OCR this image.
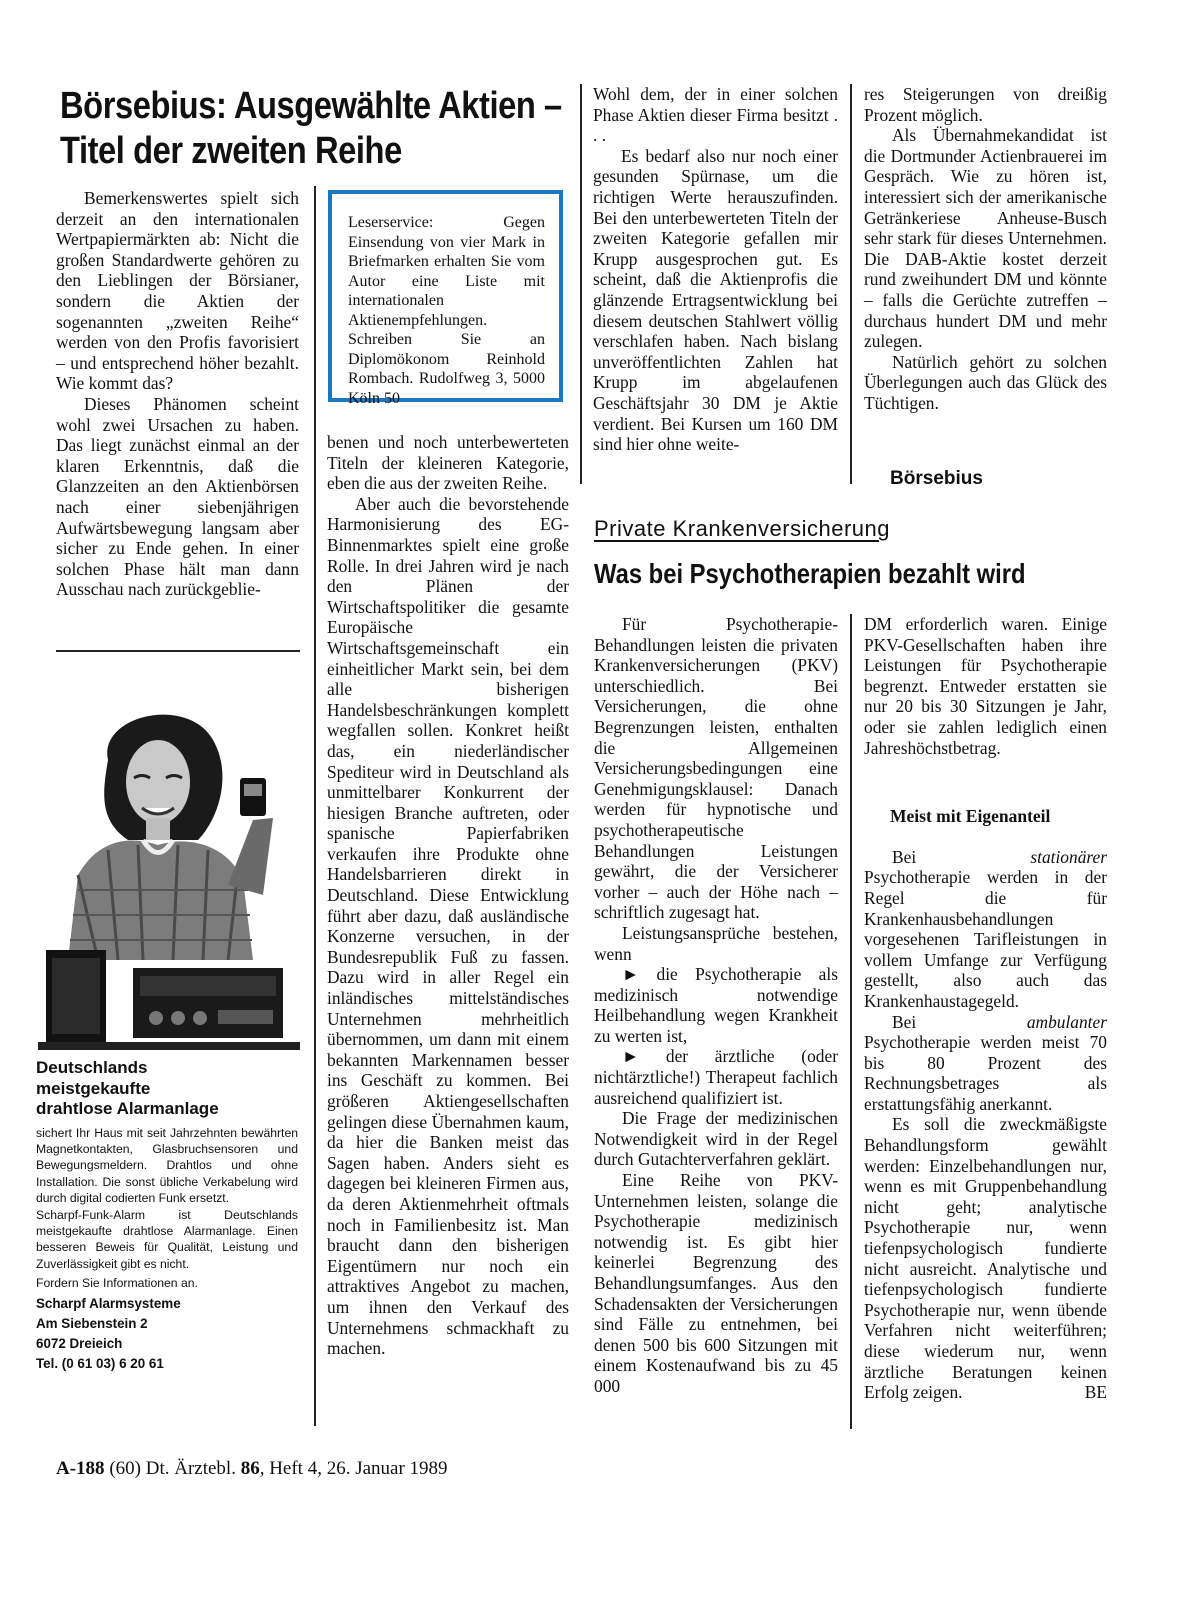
Börsebius: Ausgewählte Aktien –
Titel der zweiten Reihe

Bemerkenswertes spielt sich derzeit an den internationalen Wertpapiermärkten ab: Nicht die großen Standardwerte gehören zu den Lieblingen der Börsianer, sondern die Aktien der sogenannten „zweiten Reihe“ werden von den Profis favorisiert – und entsprechend höher bezahlt. Wie kommt das?

Dieses Phänomen scheint wohl zwei Ursachen zu haben. Das liegt zunächst einmal an der klaren Erkenntnis, daß die Glanzzeiten an den Aktienbörsen nach einer siebenjährigen Aufwärtsbewegung langsam aber sicher zu Ende gehen. In einer solchen Phase hält man dann Ausschau nach zurückgeblie-

Deutschlands
meistgekaufte
drahtlose Alarmanlage

sichert Ihr Haus mit seit Jahrzehnten bewährten Magnetkontakten, Glasbruchsensoren und Bewegungsmeldern. Drahtlos und ohne Installation. Die sonst übliche Verkabelung wird durch digital codierten Funk ersetzt.

Scharpf-Funk-Alarm ist Deutschlands meistgekaufte drahtlose Alarmanlage. Einen besseren Beweis für Qualität, Leistung und Zuverlässigkeit gibt es nicht.

Fordern Sie Informationen an.

Scharpf Alarmsysteme
Am Siebenstein 2
6072 Dreieich
Tel. (0 61 03) 6 20 61
Leserservice: Gegen Einsendung von vier Mark in Briefmarken erhalten Sie vom Autor eine Liste mit internationalen Aktienempfehlungen. Schreiben Sie an Diplomökonom Reinhold Rombach. Rudolfweg 3, 5000 Köln 50

benen und noch unterbewerteten Titeln der kleineren Kategorie, eben die aus der zweiten Reihe.

Aber auch die bevorstehende Harmonisierung des EG-Binnenmarktes spielt eine große Rolle. In drei Jahren wird je nach den Plänen der Wirtschaftspolitiker die gesamte Europäische Wirtschaftsgemeinschaft ein einheitlicher Markt sein, bei dem alle bisherigen Handelsbeschränkungen komplett wegfallen sollen. Konkret heißt das, ein niederländischer Spediteur wird in Deutschland als unmittelbarer Konkurrent der hiesigen Branche auftreten, oder spanische Papierfabriken verkaufen ihre Produkte ohne Handelsbarrieren direkt in Deutschland. Diese Entwicklung führt aber dazu, daß ausländische Konzerne versuchen, in der Bundesrepublik Fuß zu fassen. Dazu wird in aller Regel ein inländisches mittelständisches Unternehmen mehrheitlich übernommen, um dann mit einem bekannten Markennamen besser ins Geschäft zu kommen. Bei größeren Aktiengesellschaften gelingen diese Übernahmen kaum, da hier die Banken meist das Sagen haben. Anders sieht es dagegen bei kleineren Firmen aus, da deren Aktienmehrheit oftmals noch in Familienbesitz ist. Man braucht dann den bisherigen Eigentümern nur noch ein attraktives Angebot zu machen, um ihnen den Verkauf des Unternehmens schmackhaft zu machen.

Wohl dem, der in einer solchen Phase Aktien dieser Firma besitzt . . .

Es bedarf also nur noch einer gesunden Spürnase, um die richtigen Werte herauszufinden. Bei den unterbewerteten Titeln der zweiten Kategorie gefallen mir Krupp ausgesprochen gut. Es scheint, daß die Aktienprofis die glänzende Ertragsentwicklung bei diesem deutschen Stahlwert völlig verschlafen haben. Nach bislang unveröffentlichten Zahlen hat Krupp im abgelaufenen Geschäftsjahr 30 DM je Aktie verdient. Bei Kursen um 160 DM sind hier ohne weite-

res Steigerungen von dreißig Prozent möglich.

Als Übernahmekandidat ist die Dortmunder Actienbrauerei im Gespräch. Wie zu hören ist, interessiert sich der amerikanische Getränkeriese Anheuse-Busch sehr stark für dieses Unternehmen. Die DAB-Aktie kostet derzeit rund zweihundert DM und könnte – falls die Gerüchte zutreffen – durchaus hundert DM und mehr zulegen.

Natürlich gehört zu solchen Überlegungen auch das Glück des Tüchtigen.

Börsebius
Private Krankenversicherung
Was bei Psychotherapien bezahlt wird

Für Psychotherapie-Behandlungen leisten die privaten Krankenversicherungen (PKV) unterschiedlich. Bei Versicherungen, die ohne Begrenzungen leisten, enthalten die Allgemeinen Versicherungsbedingungen eine Genehmigungsklausel: Danach werden für hypnotische und psychotherapeutische Behandlungen Leistungen gewährt, die der Versicherer vorher – auch der Höhe nach – schriftlich zugesagt hat.

Leistungsansprüche bestehen, wenn

► die Psychotherapie als medizinisch notwendige Heilbehandlung wegen Krankheit zu werten ist,

► der ärztliche (oder nichtärztliche!) Therapeut fachlich ausreichend qualifiziert ist.

Die Frage der medizinischen Notwendigkeit wird in der Regel durch Gutachterverfahren geklärt.

Eine Reihe von PKV-Unternehmen leisten, solange die Psychotherapie medizinisch notwendig ist. Es gibt hier keinerlei Begrenzung des Behandlungsumfanges. Aus den Schadensakten der Versicherungen sind Fälle zu entnehmen, bei denen 500 bis 600 Sitzungen mit einem Kostenaufwand bis zu 45 000

DM erforderlich waren. Einige PKV-Gesellschaften haben ihre Leistungen für Psychotherapie begrenzt. Entweder erstatten sie nur 20 bis 30 Sitzungen je Jahr, oder sie zahlen lediglich einen Jahreshöchstbetrag.

Meist mit Eigenanteil

Bei stationärer Psychotherapie werden in der Regel die für Krankenhausbehandlungen vorgesehenen Tarifleistungen in vollem Umfange zur Verfügung gestellt, also auch das Krankenhaustagegeld.

Bei ambulanter Psychotherapie werden meist 70 bis 80 Prozent des Rechnungsbetrages als erstattungsfähig anerkannt.

Es soll die zweckmäßigste Behandlungsform gewählt werden: Einzelbehandlungen nur, wenn es mit Gruppenbehandlung nicht geht; analytische Psychotherapie nur, wenn tiefenpsychologisch fundierte nicht ausreicht. Analytische und tiefenpsychologisch fundierte Psychotherapie nur, wenn übende Verfahren nicht weiterführen; diese wiederum nur, wenn ärztliche Beratungen keinen Erfolg zeigen.	BE

A-188 (60) Dt. Ärztebl. 86, Heft 4, 26. Januar 1989
